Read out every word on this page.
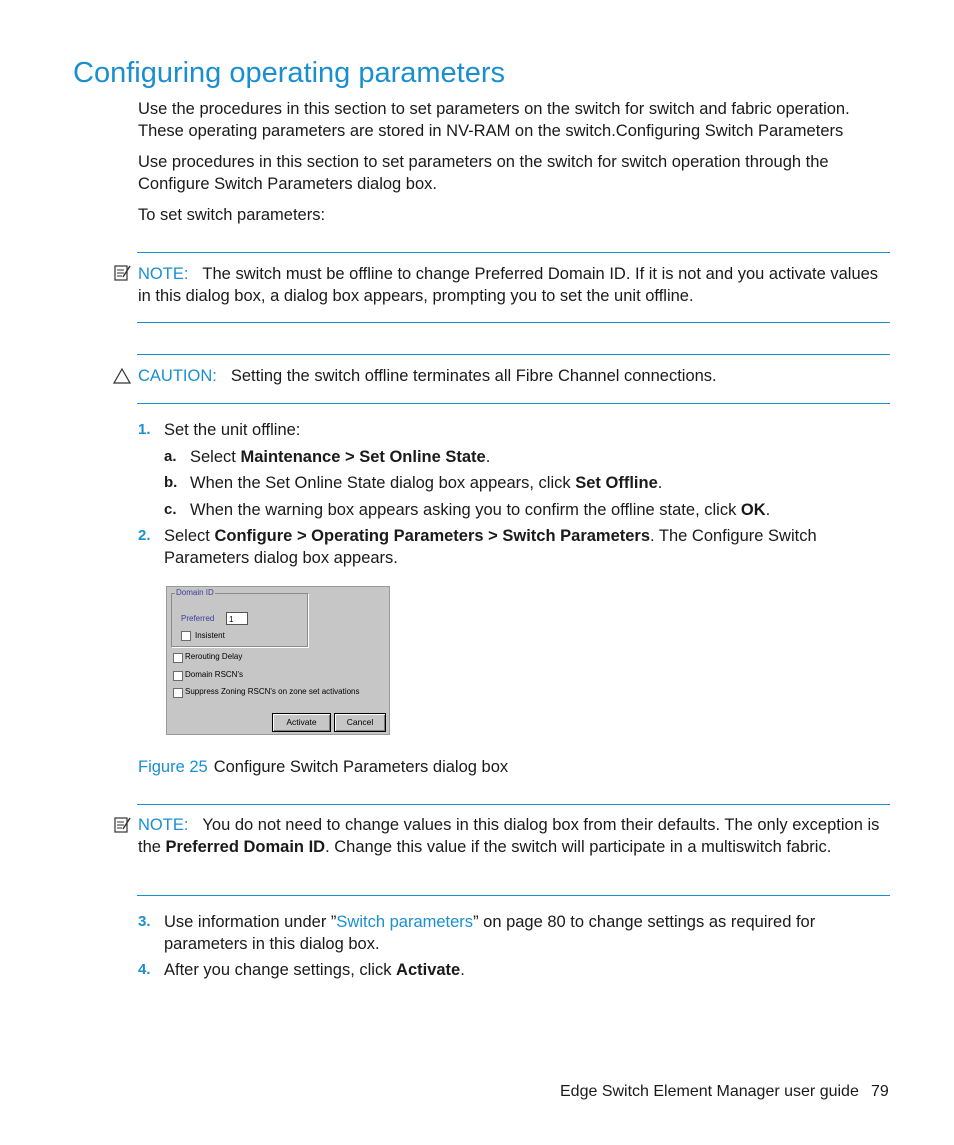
Configuring operating parameters

Use the procedures in this section to set parameters on the switch for switch and fabric operation. These operating parameters are stored in NV-RAM on the switch.Configuring Switch Parameters

Use procedures in this section to set parameters on the switch for switch operation through the Configure Switch Parameters dialog box.

To set switch parameters:

NOTE: The switch must be offline to change Preferred Domain ID. If it is not and you activate values in this dialog box, a dialog box appears, prompting you to set the unit offline.

CAUTION: Setting the switch offline terminates all Fibre Channel connections.

1. Set the unit offline:

a. Select Maintenance > Set Online State.

b. When the Set Online State dialog box appears, click Set Offline.

c. When the warning box appears asking you to confirm the offline state, click OK.

2. Select Configure > Operating Parameters > Switch Parameters. The Configure Switch Parameters dialog box appears.

Domain ID
Preferred	1
Insistent
Rerouting Delay
Domain RSCN's
Suppress Zoning RSCN's on zone set activations
Activate	Cancel

Figure 25 Configure Switch Parameters dialog box

NOTE: You do not need to change values in this dialog box from their defaults. The only exception is the Preferred Domain ID. Change this value if the switch will participate in a multiswitch fabric.

3. Use information under ”Switch parameters” on page 80 to change settings as required for parameters in this dialog box.

4. After you change settings, click Activate.

Edge Switch Element Manager user guide 79
